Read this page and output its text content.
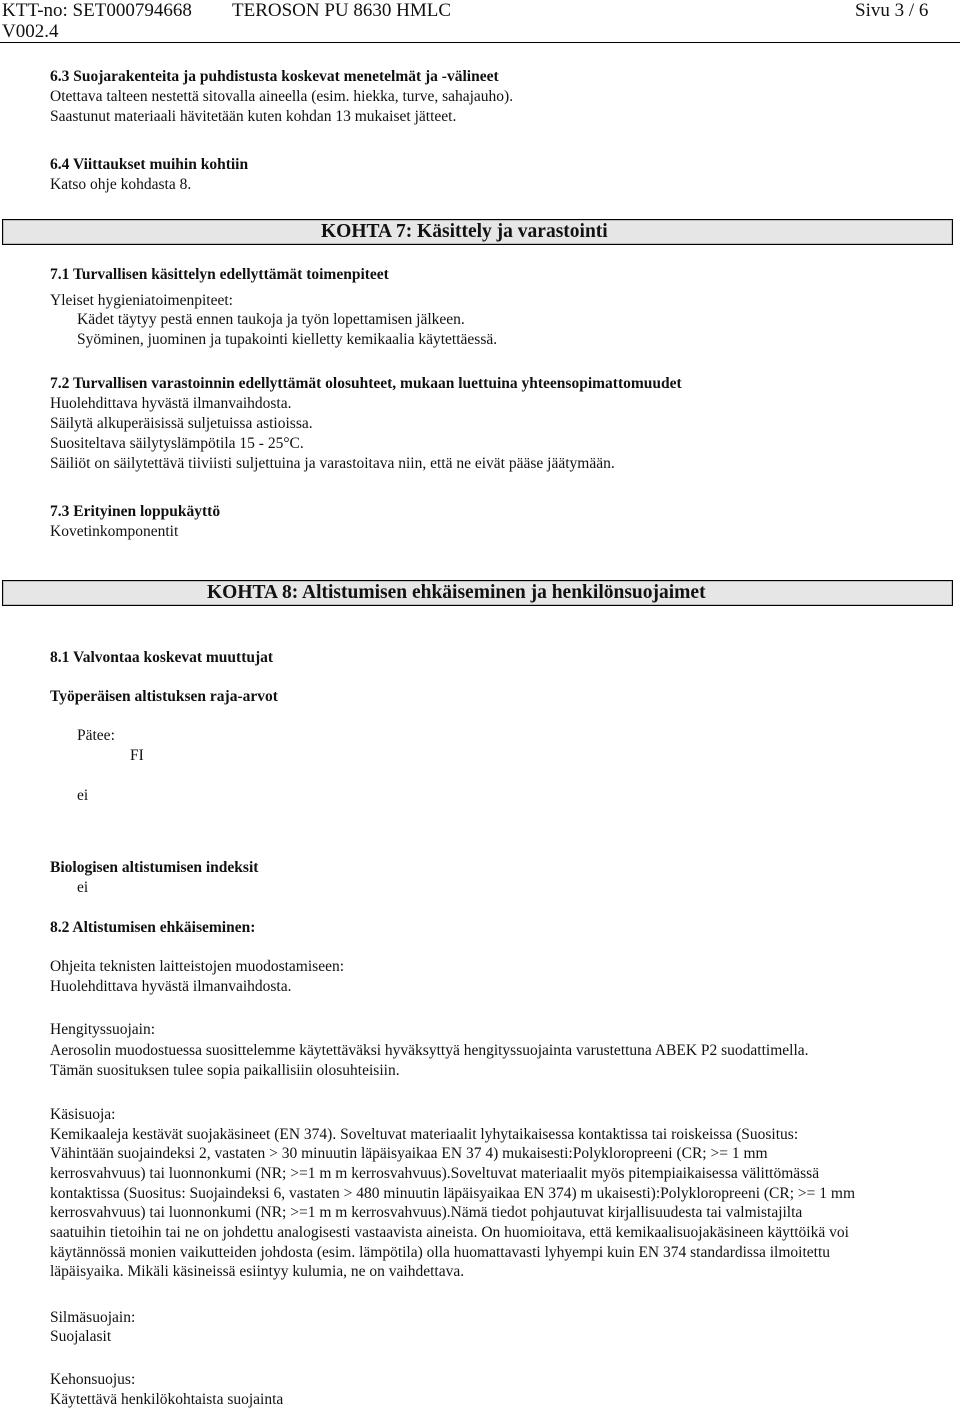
KTT-no: SET000794668 TEROSON PU 8630 HMLC	Sivu 3 / 6
V002.4
6.3 Suojarakenteita ja puhdistusta koskevat menetelmät ja -välineet
Otettava talteen nestettä sitovalla aineella (esim. hiekka, turve, sahajauho).
Saastunut materiaali hävitetään kuten kohdan 13 mukaiset jätteet.
6.4 Viittaukset muihin kohtiin
Katso ohje kohdasta 8.
KOHTA 7: Käsittely ja varastointi
7.1 Turvallisen käsittelyn edellyttämät toimenpiteet
Yleiset hygieniatoimenpiteet:
Kädet täytyy pestä ennen taukoja ja työn lopettamisen jälkeen.
Syöminen, juominen ja tupakointi kielletty kemikaalia käytettäessä.
7.2 Turvallisen varastoinnin edellyttämät olosuhteet, mukaan luettuina yhteensopimattomuudet
Huolehdittava hyvästä ilmanvaihdosta.
Säilytä alkuperäisissä suljetuissa astioissa.
Suositeltava säilytyslämpötila 15 - 25°C.
Säiliöt on säilytettävä tiiviisti suljettuina ja varastoitava niin, että ne eivät pääse jäätymään.
7.3 Erityinen loppukäyttö
Kovetinkomponentit
KOHTA 8: Altistumisen ehkäiseminen ja henkilönsuojaimet
8.1 Valvontaa koskevat muuttujat
Työperäisen altistuksen raja-arvot
Pätee:
FI
ei
Biologisen altistumisen indeksit
ei
8.2 Altistumisen ehkäiseminen:
Ohjeita teknisten laitteistojen muodostamiseen:
Huolehdittava hyvästä ilmanvaihdosta.
Hengityssuojain:
Aerosolin muodostuessa suosittelemme käytettäväksi hyväksyttyä hengityssuojainta varustettuna ABEK P2 suodattimella.
Tämän suosituksen tulee sopia paikallisiin olosuhteisiin.
Käsisuoja:
Kemikaaleja kestävät suojakäsineet (EN 374). Soveltuvat materiaalit lyhytaikaisessa kontaktissa tai roiskeissa (Suositus:
Vähintään suojaindeksi 2, vastaten > 30 minuutin läpäisyaikaa EN 37 4) mukaisesti:Polykloropreeni (CR; >= 1 mm
kerrosvahvuus) tai luonnonkumi (NR; >=1 m m kerrosvahvuus).Soveltuvat materiaalit myös pitempiaikaisessa välittömässä
kontaktissa (Suositus: Suojaindeksi 6, vastaten > 480 minuutin läpäisyaikaa EN 374) m ukaisesti):Polykloropreeni (CR; >= 1 mm
kerrosvahvuus) tai luonnonkumi (NR; >=1 m m kerrosvahvuus).Nämä tiedot pohjautuvat kirjallisuudesta tai valmistajilta
saatuihin tietoihin tai ne on johdettu analogisesti vastaavista aineista. On huomioitava, että kemikaalisuojakäsineen käyttöikä voi
käytännössä monien vaikutteiden johdosta (esim. lämpötila) olla huomattavasti lyhyempi kuin EN 374 standardissa ilmoitettu
läpäisyaika. Mikäli käsineissä esiintyy kulumia, ne on vaihdettava.
Silmäsuojain:
Suojalasit
Kehonsuojus:
Käytettävä henkilökohtaista suojainta
